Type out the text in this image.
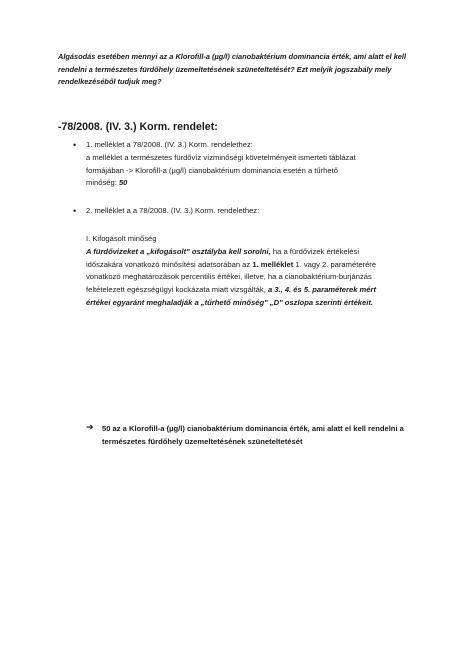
Algásodás esetében mennyi az a Klorofill-a (µg/l) cianobaktérium dominancia érték, ami alatt el kell rendelni a természetes fürdőhely üzemeltetésének szüneteltetését? Ezt melyik jogszabály mely rendelkezéséből tudjuk meg?
-78/2008. (IV. 3.) Korm. rendelet:
• 1. melléklet a 78/2008. (IV. 3.) Korm. rendelethez:
a melléklet a természetes fürdővíz vízminőségi követelményeit ismerteti táblázat
formájában -> Klorofill-a (µg/l) cianobaktérium dominancia esetén a tűrhető
minőség: 50
• 2. melléklet a a 78/2008. (IV. 3.) Korm. rendelethez:
I. Kifogásolt minőség
A fürdővizeket a „kifogásolt" osztályba kell sorolni, ha a fürdővizek értékelési
időszakára vonatkozó minősítési adatsorában az 1. melléklet 1. vagy 2. paraméterére
vonatkozó meghatározások percentilis értékei, illetve, ha a cianobaktérium-burjánzás
feltételezett egészségügyi kockázata miatt vizsgálták, a 3., 4. és 5. paraméterek mért
értékei egyaránt meghaladják a „tűrhető minőség" „D" oszlopa szerinti értékeit.
➔ 50 az a Klorofill-a (µg/l) cianobaktérium dominancia érték, ami alatt el kell rendelni a természetes fürdőhely üzemeltetésének szüneteltetését
